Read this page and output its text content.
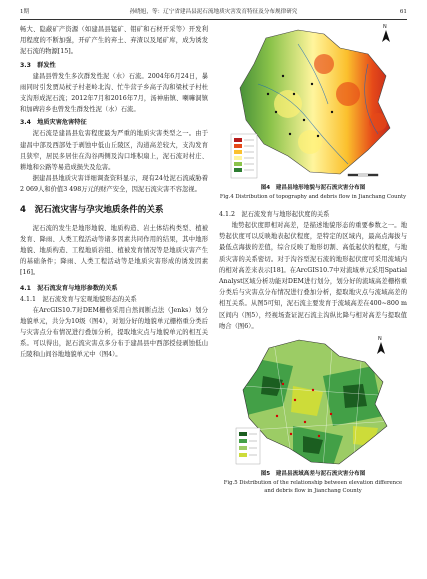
1期	孙晓旭，等：辽宁省建昌县泥石流地质灾害发育特征及分布规律研究	61

畅大、隐蔽矿产资源（如建昌县锰矿、钼矿和石材开采等）开发利用程度的不断加强，开矿产生的弃土、弃渣以及尾矿库，成为诱发泥石流的物源[15]。

3.3　群发性

建昌县曾发生多次群发性泥（水）石流。2004年6月24日，暴雨同时引发贾局杖子村老岭北沟、忙牛营子乡高子沟和梁杖子村杜支沟形成泥石流；2012年7月和2016年7月，汤神庙镇、喇嘛洞镇和加碑岩乡也曾发生群发性泥（水）石流。

3.4　地质灾害危害特征

泥石流是建昌县危害程度最为严重的地质灾害类型之一。由于建昌中部及西部处于剥蚀中低山丘陵区，沟道高差较大，支沟发育且狭窄，居民多居住在沟谷两侧及沟口堆积扇上，泥石流对村庄、耕地和公路等易造成损失及危害。

据建昌县地质灾害详细调查资料显示，现有24处泥石流威胁着2 069人和价值3 498万元的财产安全，因泥石流灾害不容忽视。

4　泥石流灾害与孕灾地质条件的关系

泥石流的发生是地形地貌、地质构造、岩土体结构类型、植被发育、降雨、人类工程活动等诸多因素共同作用的结果，其中地形地貌、地质构造、工程地质岩组、植被发育情况等是地质灾害产生的基础条件；降雨、人类工程活动等是地质灾害形成的诱发因素[16]。

4.1　泥石流发育与地形参数的关系
4.1.1　泥石流发育与宏观地貌形态的关系

在ArcGIS10.7对DEM栅格采用自然间断点法（Jenks）划分地貌单元，共分为10级（图4），对划分好的地貌单元栅格重分类后与灾害点分布情况进行叠加分析，提取地灾点与地貌单元的相互关系。可以得出，泥石流灾害点多分布于建昌县中西部授侵剥蚀低山丘陵和山间谷地地貌单元中（图4）。

N
图4　建昌县地形地貌与泥石流灾害分布图
Fig.4 Distribution of topography and debris flow in Jianchang County
4.1.2　泥石流发育与地形起伏度的关系

地势起伏度即相对高差，是描述地貌形态的重要参数之一。地势起伏度可以反映地表起伏程度，是特定的区域内，最高点海拔与最低点海拔的差值，综合反映了地形切割、高低起伏的程度，与地质灾害的关系密切。对于沟谷型泥石流的地形起伏度可采用流域内的相对高差来表示[18]。在ArcGIS10.7中对流域单元采用Spatial Analyst区域分析功能对DEM进行划分，划分好的流域高差栅格重分类后与灾害点分布情况进行叠加分析，提取地灾点与流域高差的相互关系。从图5可知，泥石流主要发育于流域高差在400~800 m区间内（图5），经视场查证泥石流主沟纵比降与相对高差与提取值吻合（图6）。

N
图5　建昌县流域高差与泥石流灾害分布图
Fig.5 Distribution of the relationship between elevation difference and debris flow in Jianchang County
